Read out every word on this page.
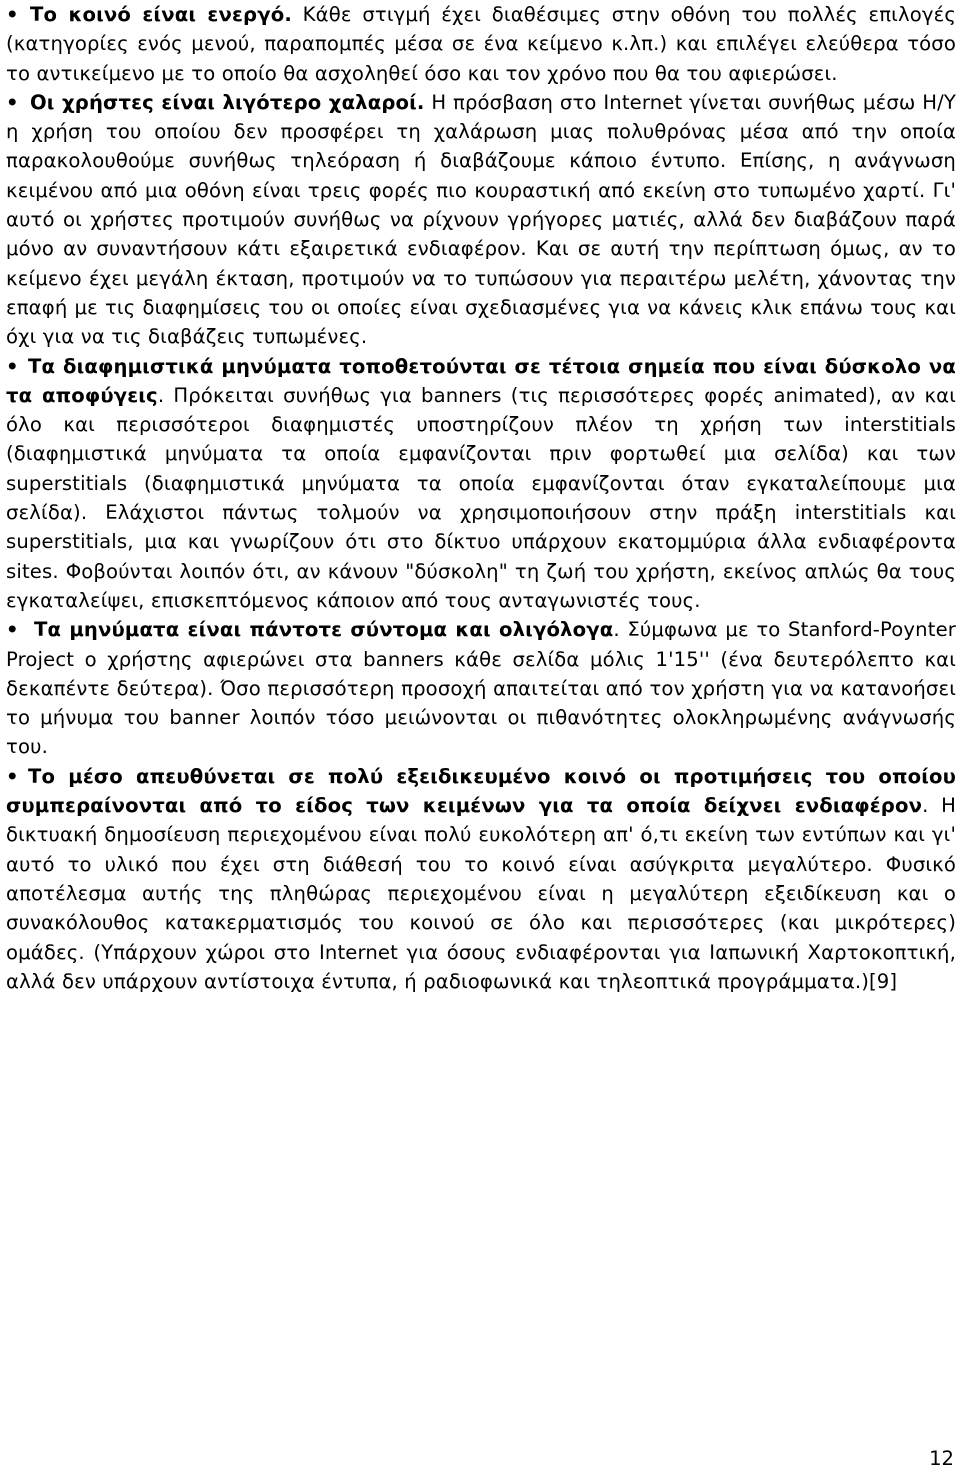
• Το κοινό είναι ενεργό. Κάθε στιγμή έχει διαθέσιμες στην οθόνη του πολλές επιλογές (κατηγορίες ενός μενού, παραπομπές μέσα σε ένα κείμενο κ.λπ.) και επιλέγει ελεύθερα τόσο το αντικείμενο με το οποίο θα ασχοληθεί όσο και τον χρόνο που θα του αφιερώσει.

• Οι χρήστες είναι λιγότερο χαλαροί. Η πρόσβαση στο Internet γίνεται συνήθως μέσω Η/Υ η χρήση του οποίου δεν προσφέρει τη χαλάρωση μιας πολυθρόνας μέσα από την οποία παρακολουθούμε συνήθως τηλεόραση ή διαβάζουμε κάποιο έντυπο. Επίσης, η ανάγνωση κειμένου από μια οθόνη είναι τρεις φορές πιο κουραστική από εκείνη στο τυπωμένο χαρτί. Γι' αυτό οι χρήστες προτιμούν συνήθως να ρίχνουν γρήγορες ματιές, αλλά δεν διαβάζουν παρά μόνο αν συναντήσουν κάτι εξαιρετικά ενδιαφέρον. Και σε αυτή την περίπτωση όμως, αν το κείμενο έχει μεγάλη έκταση, προτιμούν να το τυπώσουν για περαιτέρω μελέτη, χάνοντας την επαφή με τις διαφημίσεις του οι οποίες είναι σχεδιασμένες για να κάνεις κλικ επάνω τους και όχι για να τις διαβάζεις τυπωμένες.

• Τα διαφημιστικά μηνύματα τοποθετούνται σε τέτοια σημεία που είναι δύσκολο να τα αποφύγεις. Πρόκειται συνήθως για banners (τις περισσότερες φορές animated), αν και όλο και περισσότεροι διαφημιστές υποστηρίζουν πλέον τη χρήση των interstitials (διαφημιστικά μηνύματα τα οποία εμφανίζονται πριν φορτωθεί μια σελίδα) και των superstitials (διαφημιστικά μηνύματα τα οποία εμφανίζονται όταν εγκαταλείπουμε μια σελίδα). Ελάχιστοι πάντως τολμούν να χρησιμοποιήσουν στην πράξη interstitials και superstitials, μια και γνωρίζουν ότι στο δίκτυο υπάρχουν εκατομμύρια άλλα ενδιαφέροντα sites. Φοβούνται λοιπόν ότι, αν κάνουν "δύσκολη" τη ζωή του χρήστη, εκείνος απλώς θα τους εγκαταλείψει, επισκεπτόμενος κάποιον από τους ανταγωνιστές τους.

• Τα μηνύματα είναι πάντοτε σύντομα και ολιγόλογα. Σύμφωνα με το Stanford-Poynter Project ο χρήστης αφιερώνει στα banners κάθε σελίδα μόλις 1'15'' (ένα δευτερόλεπτο και δεκαπέντε δεύτερα). Όσο περισσότερη προσοχή απαιτείται από τον χρήστη για να κατανοήσει το μήνυμα του banner λοιπόν τόσο μειώνονται οι πιθανότητες ολοκληρωμένης ανάγνωσής του.

• Το μέσο απευθύνεται σε πολύ εξειδικευμένο κοινό οι προτιμήσεις του οποίου συμπεραίνονται από το είδος των κειμένων για τα οποία δείχνει ενδιαφέρον. Η δικτυακή δημοσίευση περιεχομένου είναι πολύ ευκολότερη απ' ό,τι εκείνη των εντύπων και γι' αυτό το υλικό που έχει στη διάθεσή του το κοινό είναι ασύγκριτα μεγαλύτερο. Φυσικό αποτέλεσμα αυτής της πληθώρας περιεχομένου είναι η μεγαλύτερη εξειδίκευση και ο συνακόλουθος κατακερματισμός του κοινού σε όλο και περισσότερες (και μικρότερες) ομάδες. (Υπάρχουν χώροι στο Internet για όσους ενδιαφέρονται για Ιαπωνική Χαρτοκοπτική, αλλά δεν υπάρχουν αντίστοιχα έντυπα, ή ραδιοφωνικά και τηλεοπτικά προγράμματα.)[9]

12
